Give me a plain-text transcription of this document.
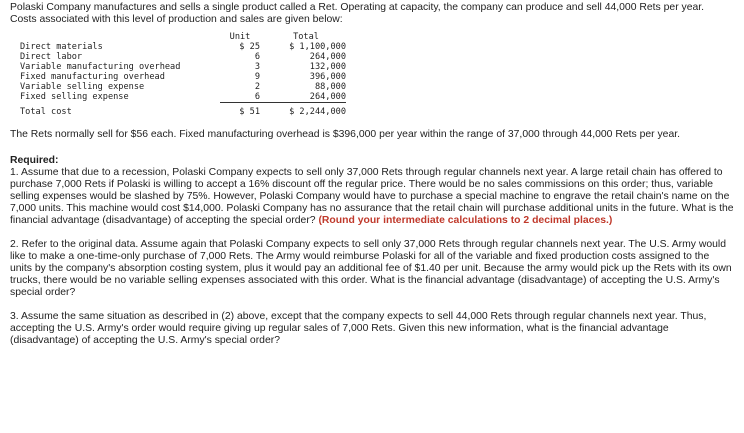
Polaski Company manufactures and sells a single product called a Ret. Operating at capacity, the company can produce and sell 44,000 Rets per year. Costs associated with this level of production and sales are given below:

	Unit	Total
Direct materials	$ 25	$ 1,100,000
Direct labor	6	264,000
Variable manufacturing overhead	3	132,000
Fixed manufacturing overhead	9	396,000
Variable selling expense	2	88,000
Fixed selling expense	6	264,000
Total cost	$ 51	$ 2,244,000

The Rets normally sell for $56 each. Fixed manufacturing overhead is $396,000 per year within the range of 37,000 through 44,000 Rets per year.

Required:

1. Assume that due to a recession, Polaski Company expects to sell only 37,000 Rets through regular channels next year. A large retail chain has offered to purchase 7,000 Rets if Polaski is willing to accept a 16% discount off the regular price. There would be no sales commissions on this order; thus, variable selling expenses would be slashed by 75%. However, Polaski Company would have to purchase a special machine to engrave the retail chain's name on the 7,000 units. This machine would cost $14,000. Polaski Company has no assurance that the retail chain will purchase additional units in the future. What is the financial advantage (disadvantage) of accepting the special order? (Round your intermediate calculations to 2 decimal places.)

2. Refer to the original data. Assume again that Polaski Company expects to sell only 37,000 Rets through regular channels next year. The U.S. Army would like to make a one-time-only purchase of 7,000 Rets. The Army would reimburse Polaski for all of the variable and fixed production costs assigned to the units by the company's absorption costing system, plus it would pay an additional fee of $1.40 per unit. Because the army would pick up the Rets with its own trucks, there would be no variable selling expenses associated with this order. What is the financial advantage (disadvantage) of accepting the U.S. Army's special order?

3. Assume the same situation as described in (2) above, except that the company expects to sell 44,000 Rets through regular channels next year. Thus, accepting the U.S. Army's order would require giving up regular sales of 7,000 Rets. Given this new information, what is the financial advantage (disadvantage) of accepting the U.S. Army's special order?
